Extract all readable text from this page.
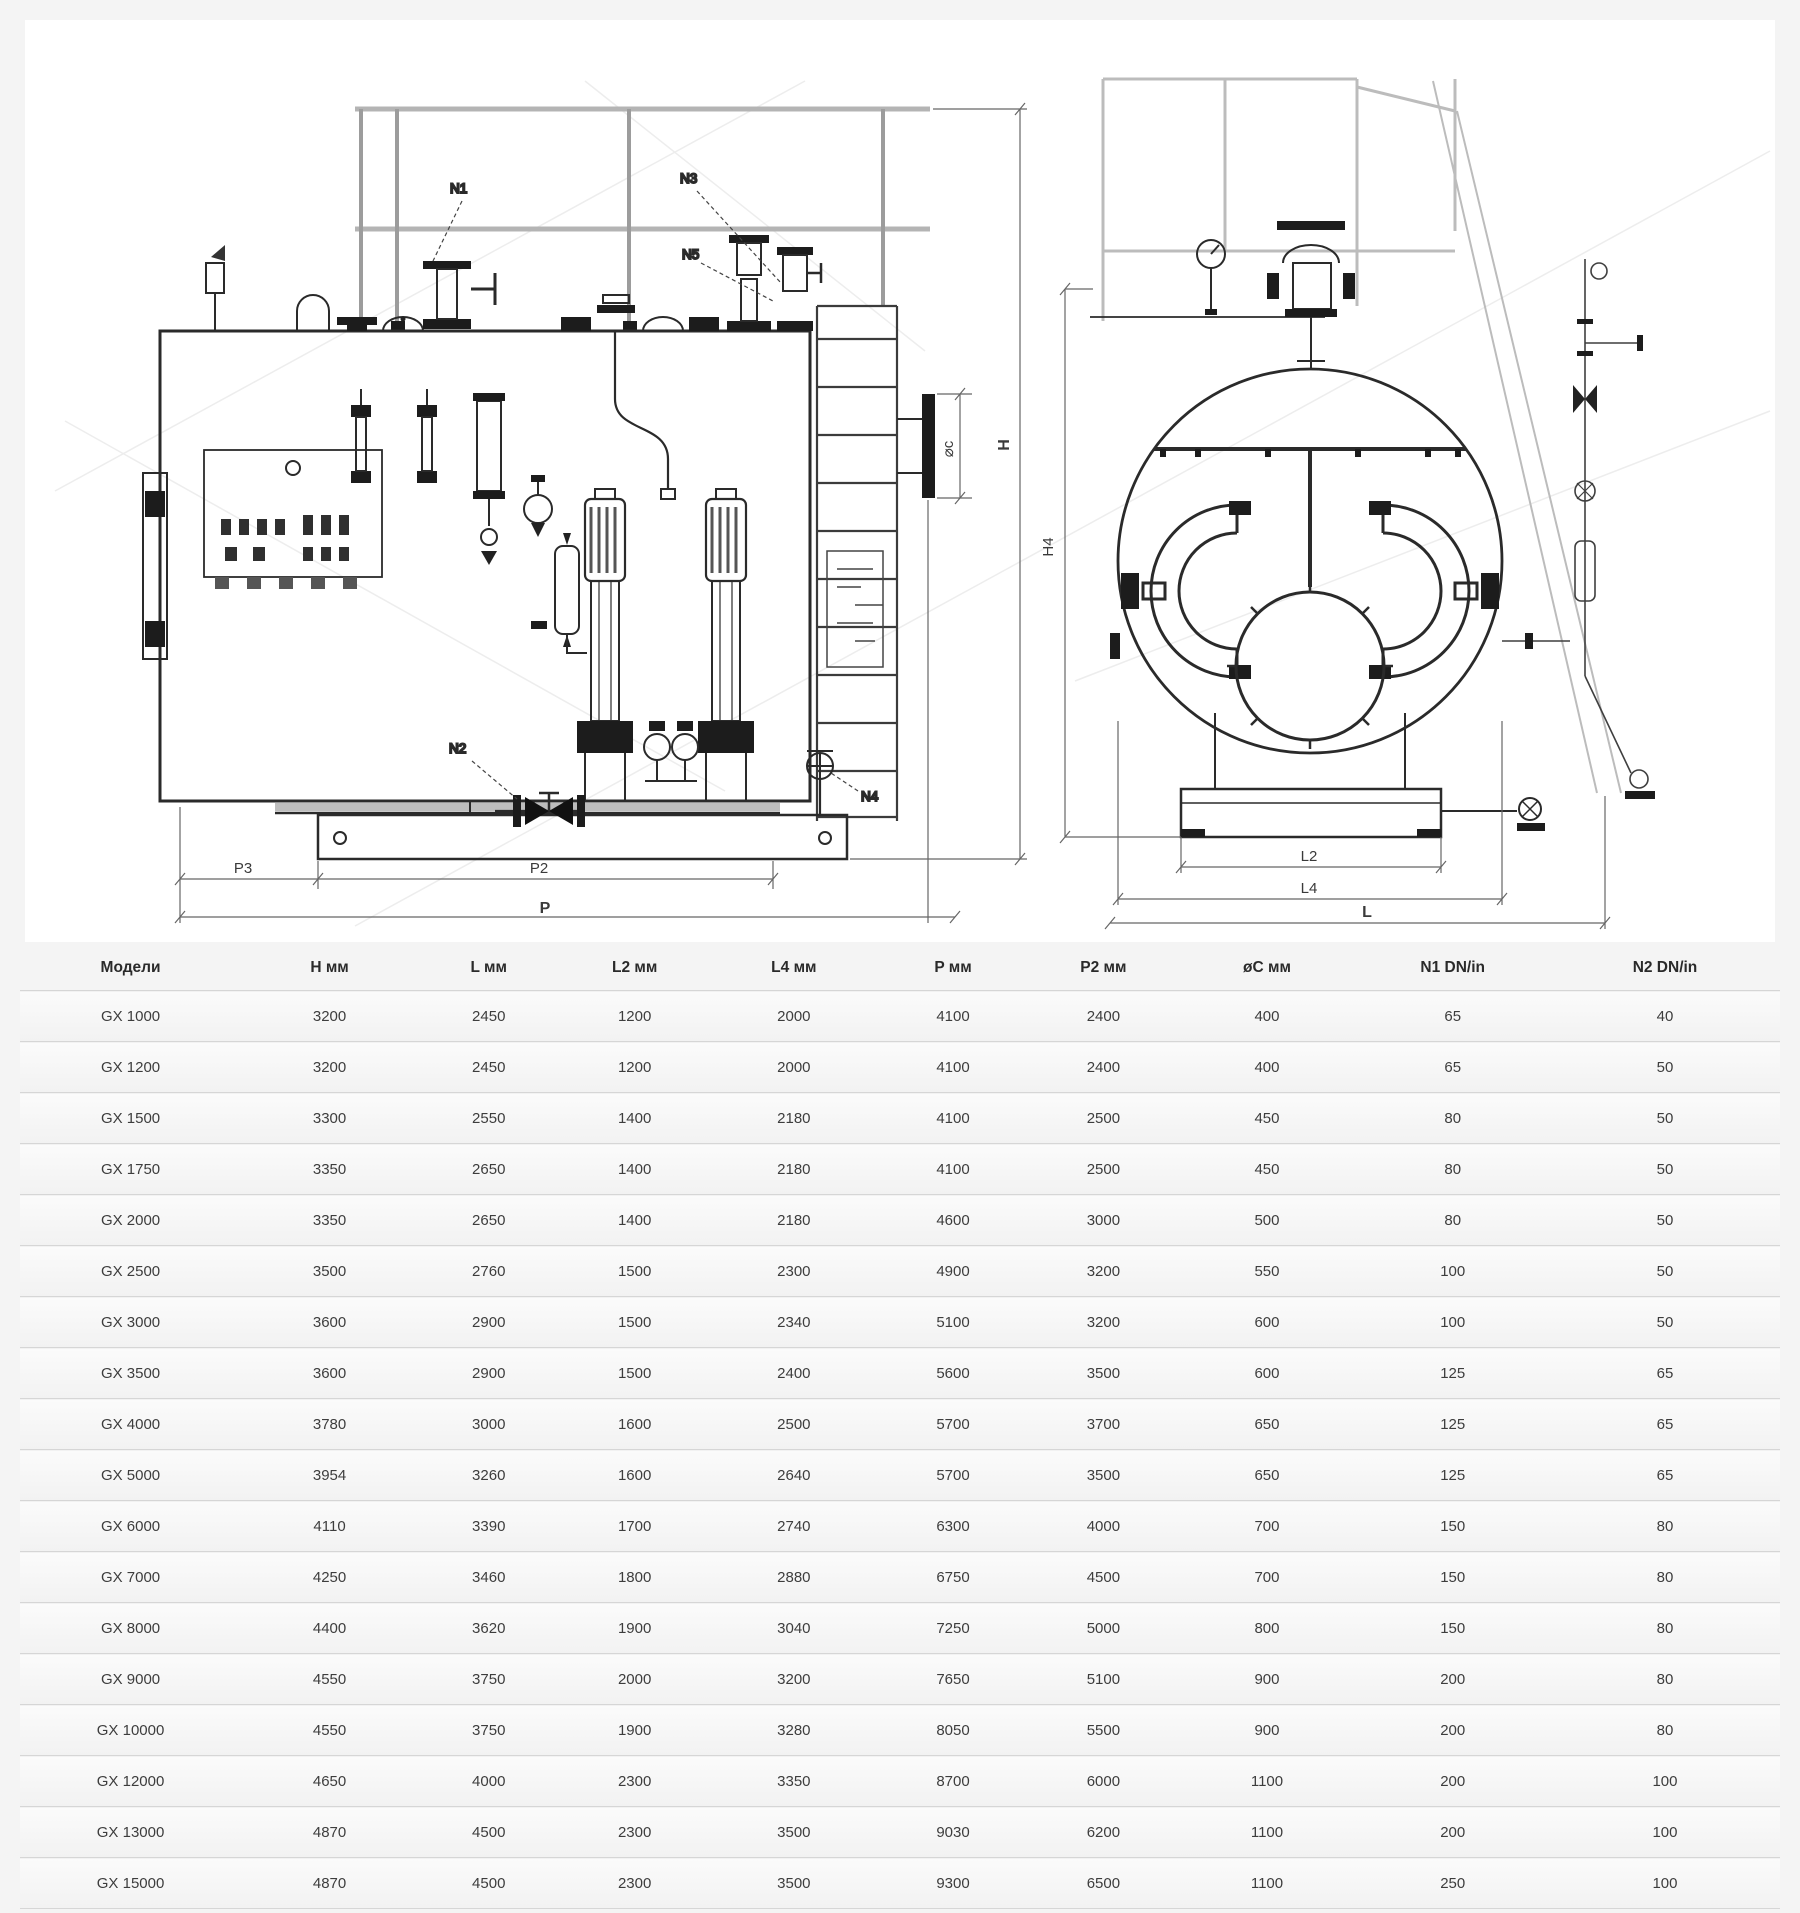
N1
N3
N5
N2
N4
⌀c H
P3	P2
P
H4
L2
L4
L
Модели	H мм	L мм	L2 мм	L4 мм	P мм	P2 мм	øC мм	N1 DN/in	N2 DN/in
GX 1000	3200	2450	1200	2000	4100	2400	400	65	40
GX 1200	3200	2450	1200	2000	4100	2400	400	65	50
GX 1500	3300	2550	1400	2180	4100	2500	450	80	50
GX 1750	3350	2650	1400	2180	4100	2500	450	80	50
GX 2000	3350	2650	1400	2180	4600	3000	500	80	50
GX 2500	3500	2760	1500	2300	4900	3200	550	100	50
GX 3000	3600	2900	1500	2340	5100	3200	600	100	50
GX 3500	3600	2900	1500	2400	5600	3500	600	125	65
GX 4000	3780	3000	1600	2500	5700	3700	650	125	65
GX 5000	3954	3260	1600	2640	5700	3500	650	125	65
GX 6000	4110	3390	1700	2740	6300	4000	700	150	80
GX 7000	4250	3460	1800	2880	6750	4500	700	150	80
GX 8000	4400	3620	1900	3040	7250	5000	800	150	80
GX 9000	4550	3750	2000	3200	7650	5100	900	200	80
GX 10000	4550	3750	1900	3280	8050	5500	900	200	80
GX 12000	4650	4000	2300	3350	8700	6000	1100	200	100
GX 13000	4870	4500	2300	3500	9030	6200	1100	200	100
GX 15000	4870	4500	2300	3500	9300	6500	1100	250	100
